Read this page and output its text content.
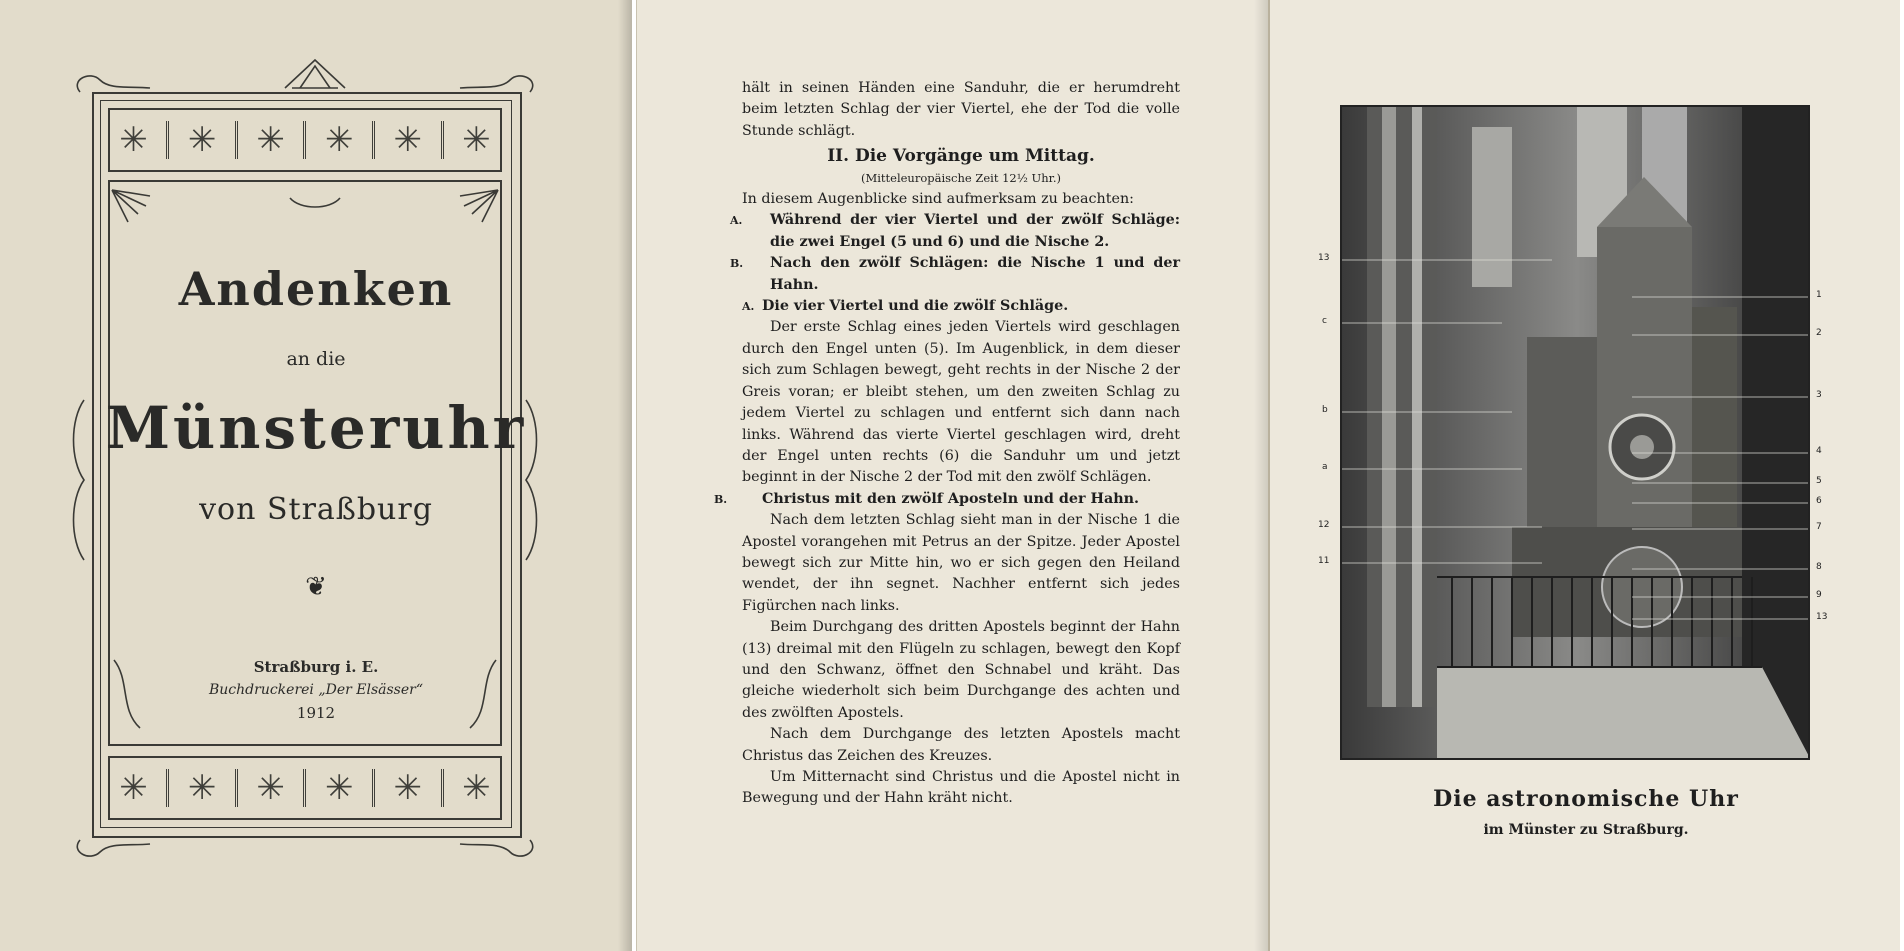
✳ ✳ ✳ ✳ ✳ ✳
✳ ✳ ✳ ✳ ✳ ✳
Andenken
an die
Münsteruhr
von Straßburg
❦
Straßburg i. E.
Buchdruckerei „Der Elsässer“
1912

hält in seinen Händen eine Sanduhr, die er herumdreht beim letzten Schlag der vier Viertel, ehe der Tod die volle Stunde schlägt.

II. Die Vorgänge um Mittag.

(Mitteleuropäische Zeit 12½ Uhr.)

In diesem Augenblicke sind aufmerksam zu beachten:

A. Während der vier Viertel und der zwölf Schläge: die zwei Engel (5 und 6) und die Nische 2.

B. Nach den zwölf Schlägen: die Nische 1 und der Hahn.

A. Die vier Viertel und die zwölf Schläge.

Der erste Schlag eines jeden Viertels wird geschlagen durch den Engel unten (5). Im Augenblick, in dem dieser sich zum Schlagen bewegt, geht rechts in der Nische 2 der Greis voran; er bleibt stehen, um den zweiten Schlag zu jedem Viertel zu schlagen und entfernt sich dann nach links. Während das vierte Viertel geschlagen wird, dreht der Engel unten rechts (6) die Sanduhr um und jetzt beginnt in der Nische 2 der Tod mit den zwölf Schlägen.

B. Christus mit den zwölf Aposteln und der Hahn.

Nach dem letzten Schlag sieht man in der Nische 1 die Apostel vorangehen mit Petrus an der Spitze. Jeder Apostel bewegt sich zur Mitte hin, wo er sich gegen den Heiland wendet, der ihn segnet. Nachher entfernt sich jedes Figürchen nach links.

Beim Durchgang des dritten Apostels beginnt der Hahn (13) dreimal mit den Flügeln zu schlagen, bewegt den Kopf und den Schwanz, öffnet den Schnabel und kräht. Das gleiche wiederholt sich beim Durchgange des achten und des zwölften Apostels.

Nach dem Durchgange des letzten Apostels macht Christus das Zeichen des Kreuzes.

Um Mitternacht sind Christus und die Apostel nicht in Bewegung und der Hahn kräht nicht.

13
c
b
a
12
11
1
2
3
4
5
6
7
8
9
13
Die astronomische Uhr
im Münster zu Straßburg.
